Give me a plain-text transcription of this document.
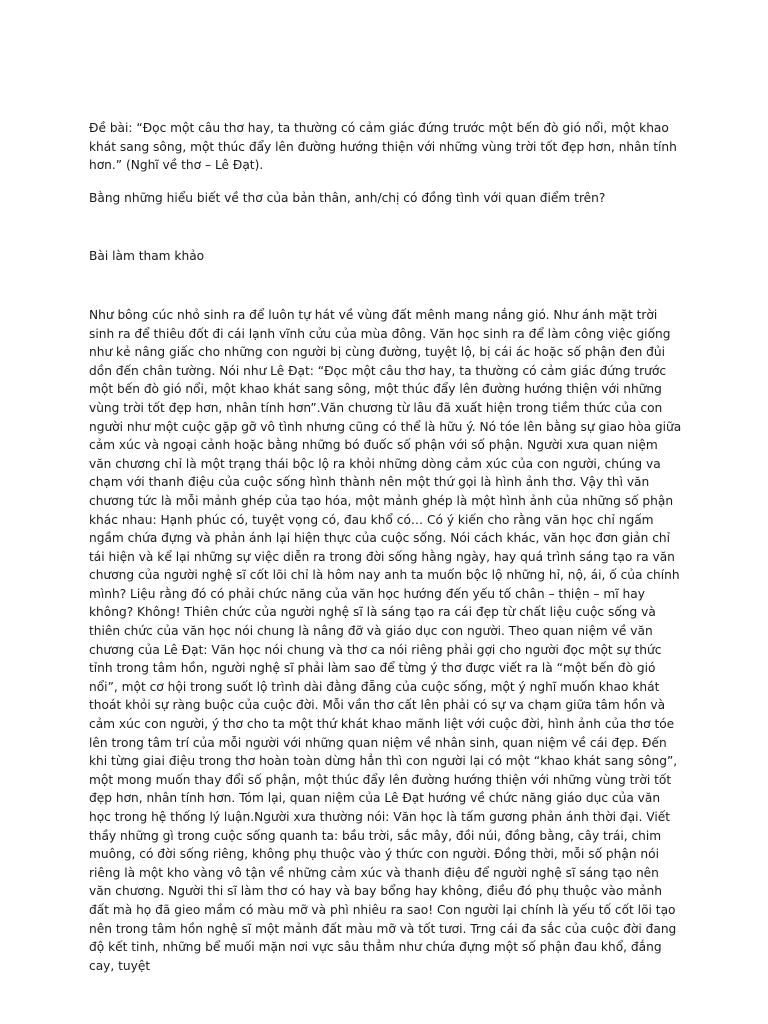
Đề bài: “Đọc một câu thơ hay, ta thường có cảm giác đứng trước một bến đò gió nổi, một khao khát sang sông, một thúc đẩy lên đường hướng thiện với những vùng trời tốt đẹp hơn, nhân tính hơn.” (Nghĩ về thơ – Lê Đạt).

Bằng những hiểu biết về thơ của bản thân, anh/chị có đồng tình với quan điểm trên?

Bài làm tham khảo

Như bông cúc nhỏ sinh ra để luôn tự hát về vùng đất mênh mang nắng gió. Như ánh mặt trời sinh ra để thiêu đốt đi cái lạnh vĩnh cửu của mùa đông. Văn học sinh ra để làm công việc giống như kẻ nâng giấc cho những con người bị cùng đường, tuyệt lộ, bị cái ác hoặc số phận đen đủi dồn đến chân tường. Nói như Lê Đạt: “Đọc một câu thơ hay, ta thường có cảm giác đứng trước một bến đò gió nổi, một khao khát sang sông, một thúc đẩy lên đường hướng thiện với những vùng trời tốt đẹp hơn, nhân tính hơn”.Văn chương từ lâu đã xuất hiện trong tiềm thức của con người như một cuộc gặp gỡ vô tình nhưng cũng có thể là hữu ý. Nó tóe lên bằng sự giao hòa giữa cảm xúc và ngoại cảnh hoặc bằng những bó đuốc số phận với số phận. Người xưa quan niệm văn chương chỉ là một trạng thái bộc lộ ra khỏi những dòng cảm xúc của con người, chúng va chạm với thanh điệu của cuộc sống hình thành nên một thứ gọi là hình ảnh thơ. Vậy thì văn chương tức là mỗi mảnh ghép của tạo hóa, một mảnh ghép là một hình ảnh của những số phận khác nhau: Hạnh phúc có, tuyệt vọng có, đau khổ có… Có ý kiến cho rằng văn học chỉ ngấm ngầm chứa đựng và phản ánh lại hiện thực của cuộc sống. Nói cách khác, văn học đơn giản chỉ tái hiện và kể lại những sự việc diễn ra trong đời sống hằng ngày, hay quá trình sáng tạo ra văn chương của người nghệ sĩ cốt lõi chỉ là hôm nay anh ta muốn bộc lộ những hỉ, nộ, ái, ố của chính mình? Liệu rằng đó có phải chức năng của văn học hướng đến yếu tố chân – thiện – mĩ hay không? Không! Thiên chức của người nghệ sĩ là sáng tạo ra cái đẹp từ chất liệu cuộc sống và thiên chức của văn học nói chung là nâng đỡ và giáo dục con người. Theo quan niệm về văn chương của Lê Đạt: Văn học nói chung và thơ ca nói riêng phải gợi cho người đọc một sự thức tỉnh trong tâm hồn, người nghệ sĩ phải làm sao để từng ý thơ được viết ra là “một bến đò gió nổi”, một cơ hội trong suốt lộ trình dài đằng đẵng của cuộc sống, một ý nghĩ muốn khao khát thoát khỏi sự ràng buộc của cuộc đời. Mỗi vần thơ cất lên phải có sự va chạm giữa tâm hồn và cảm xúc con người, ý thơ cho ta một thứ khát khao mãnh liệt với cuộc đời, hình ảnh của thơ tóe lên trong tâm trí của mỗi người với những quan niệm về nhân sinh, quan niệm về cái đẹp. Đến khi từng giai điệu trong thơ hoàn toàn dừng hẳn thì con người lại có một “khao khát sang sông”, một mong muốn thay đổi số phận, một thúc đẩy lên đường hướng thiện với những vùng trời tốt đẹp hơn, nhân tính hơn. Tóm lại, quan niệm của Lê Đạt hướng về chức năng giáo dục của văn học trong hệ thống lý luận.Người xưa thường nói: Văn học là tấm gương phản ánh thời đại. Viết thầy những gì trong cuộc sống quanh ta: bầu trời, sắc mây, đồi núi, đồng bằng, cây trái, chim muông, có đời sống riêng, không phụ thuộc vào ý thức con người. Đồng thời, mỗi số phận nói riêng là một kho vàng vô tận về những cảm xúc và thanh điệu để người nghệ sĩ sáng tạo nên văn chương. Người thi sĩ làm thơ có hay và bay bổng hay không, điều đó phụ thuộc vào mảnh đất mà họ đã gieo mầm có màu mỡ và phì nhiêu ra sao! Con người lại chính là yếu tố cốt lõi tạo nên trong tâm hồn nghệ sĩ một mảnh đất màu mỡ và tốt tươi. Trng cái đa sắc của cuộc đời đang độ kết tinh, những bể muối mặn nơi vực sâu thẳm như chứa đựng một số phận đau khổ, đắng cay, tuyệt
